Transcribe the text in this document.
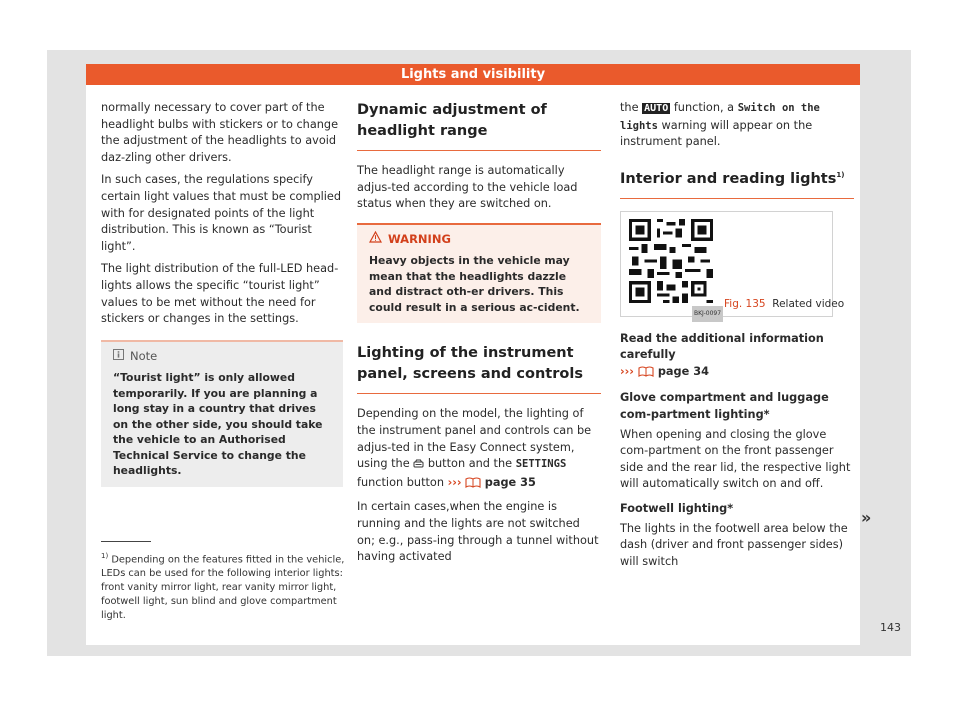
Lights and visibility

normally necessary to cover part of the headlight bulbs with stickers or to change the adjustment of the headlights to avoid daz-zling other drivers.

In such cases, the regulations specify certain light values that must be complied with for designated points of the light distribution. This is known as “Tourist light”.

The light distribution of the full-LED head-lights allows the specific “tourist light” values to be met without the need for stickers or changes in the settings.

Note
“Tourist light” is only allowed temporarily. If you are planning a long stay in a country that drives on the other side, you should take the vehicle to an Authorised Technical Service to change the headlights.
Dynamic adjustment of headlight range

The headlight range is automatically adjus-ted according to the vehicle load status when they are switched on.

WARNING
Heavy objects in the vehicle may mean that the headlights dazzle and distract oth-er drivers. This could result in a serious ac-cident.
Lighting of the instrument panel, screens and controls

Depending on the model, the lighting of the instrument panel and controls can be adjus-ted in the Easy Connect system, using the button and the SETTINGS function button ››› page 35

In certain cases,when the engine is running and the lights are not switched on; e.g., pass-ing through a tunnel without having activated

the AUTO function, a Switch on the lights warning will appear on the instrument panel.

Interior and reading lights$^{1)}$
BKJ-0097
Fig. 135 Related video

Read the additional information carefully
››› page 34

Glove compartment and luggage com-partment lighting*

When opening and closing the glove com-partment on the front passenger side and the rear lid, the respective light will automatically switch on and off.

Footwell lighting*

The lights in the footwell area below the dash (driver and front passenger sides) will switch

»
$^{1)}$ Depending on the features fitted in the vehicle, LEDs can be used for the following interior lights: front vanity mirror light, rear vanity mirror light, footwell light, sun blind and glove compartment light.
143
